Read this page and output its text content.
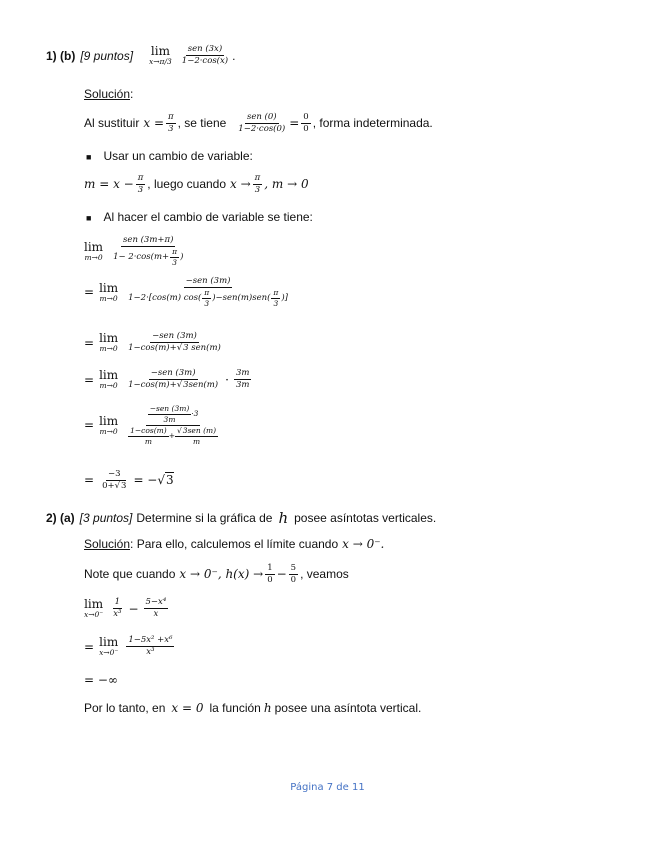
1) (b) [9 puntos] lim
$x\to\pi/3 \frac{\text{sen (3x)}}{1-2\cdot\cos(x)}$ .
Solución:
Al sustituir $x = \frac{\pi}{3}$ , se tiene $\frac{\text{sen (0)}}{1-2\cdot\cos(0)} = \frac{0}{0}$ , forma indeterminada.
■ Usar un cambio de variable:
$m = x - \frac{\pi}{3}$ , luego cuando $x \to \frac{\pi}{3}$ , m → 0
■ Al hacer el cambio de variable se tiene:
lim
$m\to 0 \frac{\text{sen (3m+π)}}{1- 2\cdot\cos (m+ \frac{\pi}{3} )}$
= lim
m→0
−sen (3m)
1−2·[cos(m) $\cos( \frac{\pi}{3} )-sen(m)sen( \frac{\pi}{3}$ )]
= lim
$m\to 0 \frac{\text{−sen (3m)}}{\text{1−cos(m)+√3 sen(m)}}$
= lim
$m\to 0 \frac{\text{−sen (3m)}}{\text{1−cos(m)+√3sen(m)}} \cdot \frac{3m}{3m}$
= lim
m→0
$\frac{\text{−sen (3m)}}{3m} \cdot 3$
$\frac{1-\cos(m)}{m} + \frac{\text{√3sen (m)}}{m}$
= $\frac{-3}{0+√3}$ = − √3
2) (a) [3 puntos] Determine si la gráfica de h posee asíntotas verticales.
Solución : Para ello, calculemos el límite cuando x → 0⁻.
Note que cuando x → 0⁻, $h(x) \to \frac{1}{0} - \frac{5}{0}$ , veamos
lim
$x\to 0^- \frac{1}{\text{x³}} - \frac{\text{5−x⁴}}{x}$
= lim
$x\to 0^- \frac{\text{1−5x² +x⁶}}{\text{x³}}$
= −∞
Por lo tanto, en x = 0 la función h posee una asíntota vertical.
Página 7 de 11
